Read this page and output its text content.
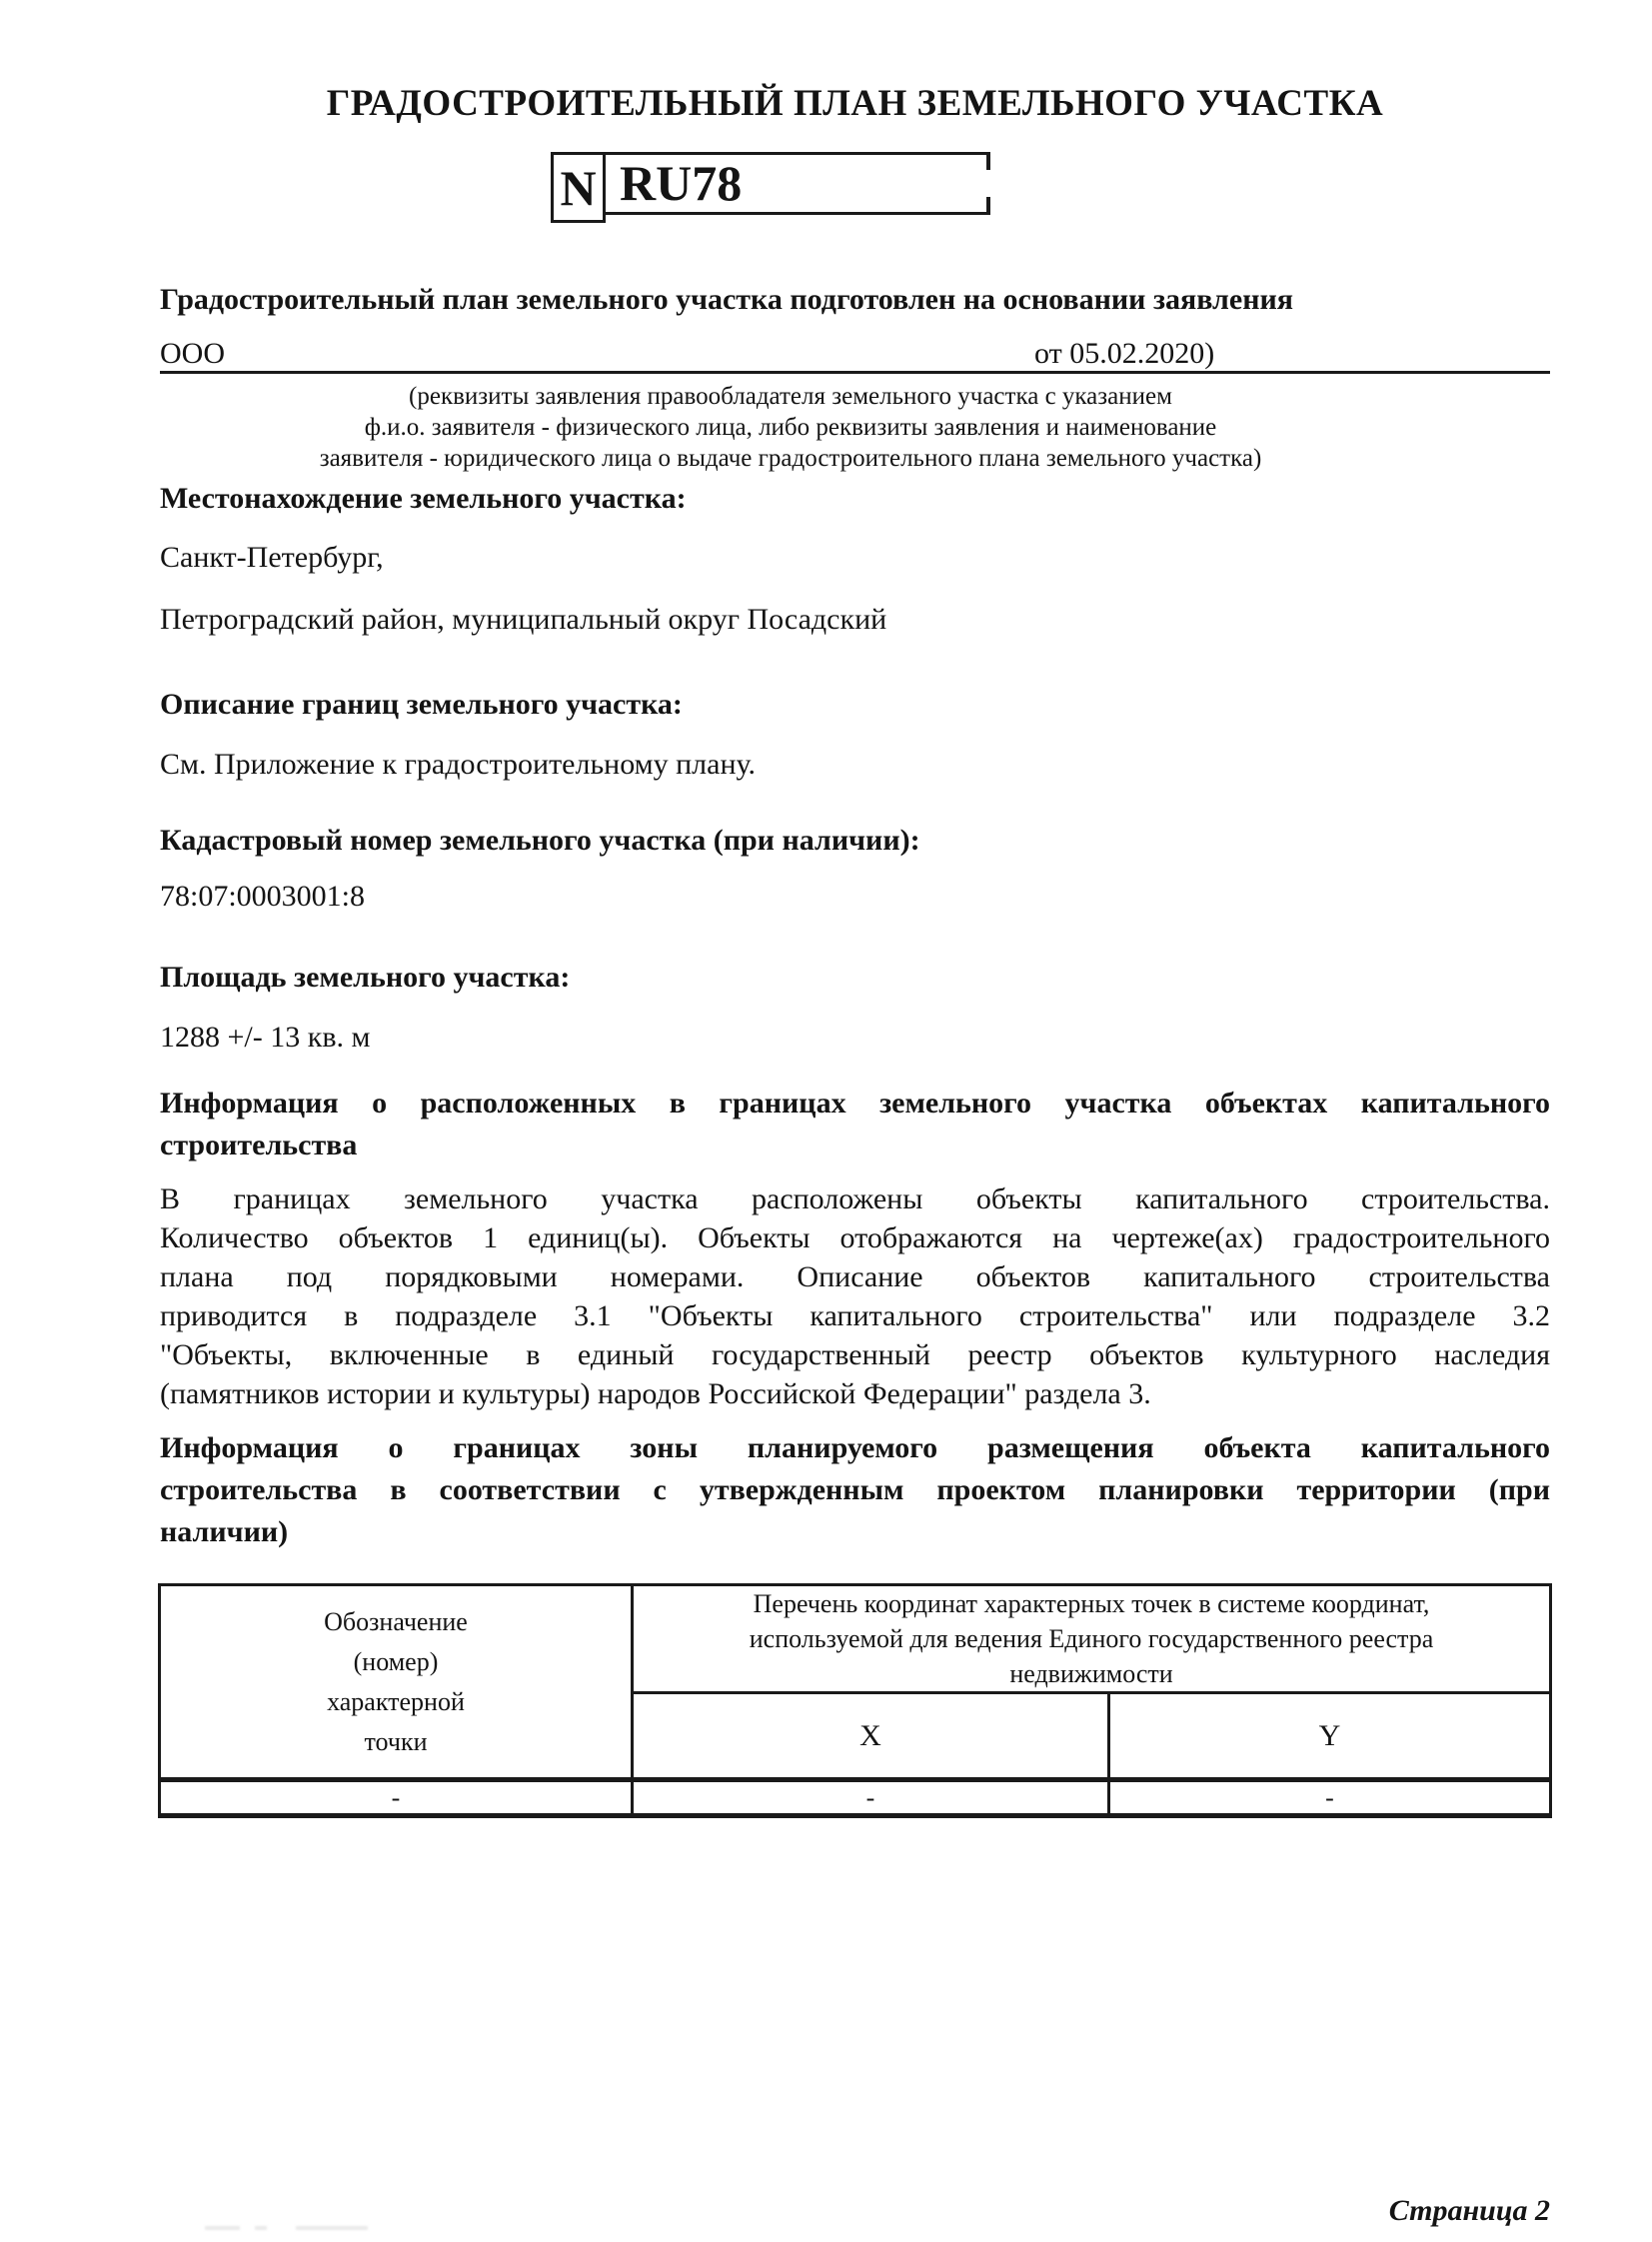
ГРАДОСТРОИТЕЛЬНЫЙ ПЛАН ЗЕМЕЛЬНОГО УЧАСТКА
N RU78
Градостроительный план земельного участка подготовлен на основании заявления
ООО	от 05.02.2020)
(реквизиты заявления правообладателя земельного участка с указанием
ф.и.о. заявителя - физического лица, либо реквизиты заявления и наименование
заявителя - юридического лица о выдаче градостроительного плана земельного участка)
Местонахождение земельного участка:
Санкт-Петербург,
Петроградский район, муниципальный округ Посадский
Описание границ земельного участка:
См. Приложение к градостроительному плану.
Кадастровый номер земельного участка (при наличии):
78:07:0003001:8
Площадь земельного участка:
1288 +/- 13 кв. м
Информация о расположенных в границах земельного участка объектах капитального
строительства
В границах земельного участка расположены объекты капитального строительства.
Количество объектов 1 единиц(ы). Объекты отображаются на чертеже(ах) градостроительного
плана под порядковыми номерами. Описание объектов капитального строительства
приводится в подразделе 3.1 "Объекты капитального строительства" или подразделе 3.2
"Объекты, включенные в единый государственный реестр объектов культурного наследия
(памятников истории и культуры) народов Российской Федерации" раздела 3.
Информация о границах зоны планируемого размещения объекта капитального
строительства в соответствии с утвержденным проектом планировки территории (при
наличии)
Обозначение (номер) характерной точки	Перечень координат характерных точек в системе координат, используемой для ведения Единого государственного реестра недвижимости	
	X	Y
-	-	-
Страница 2
